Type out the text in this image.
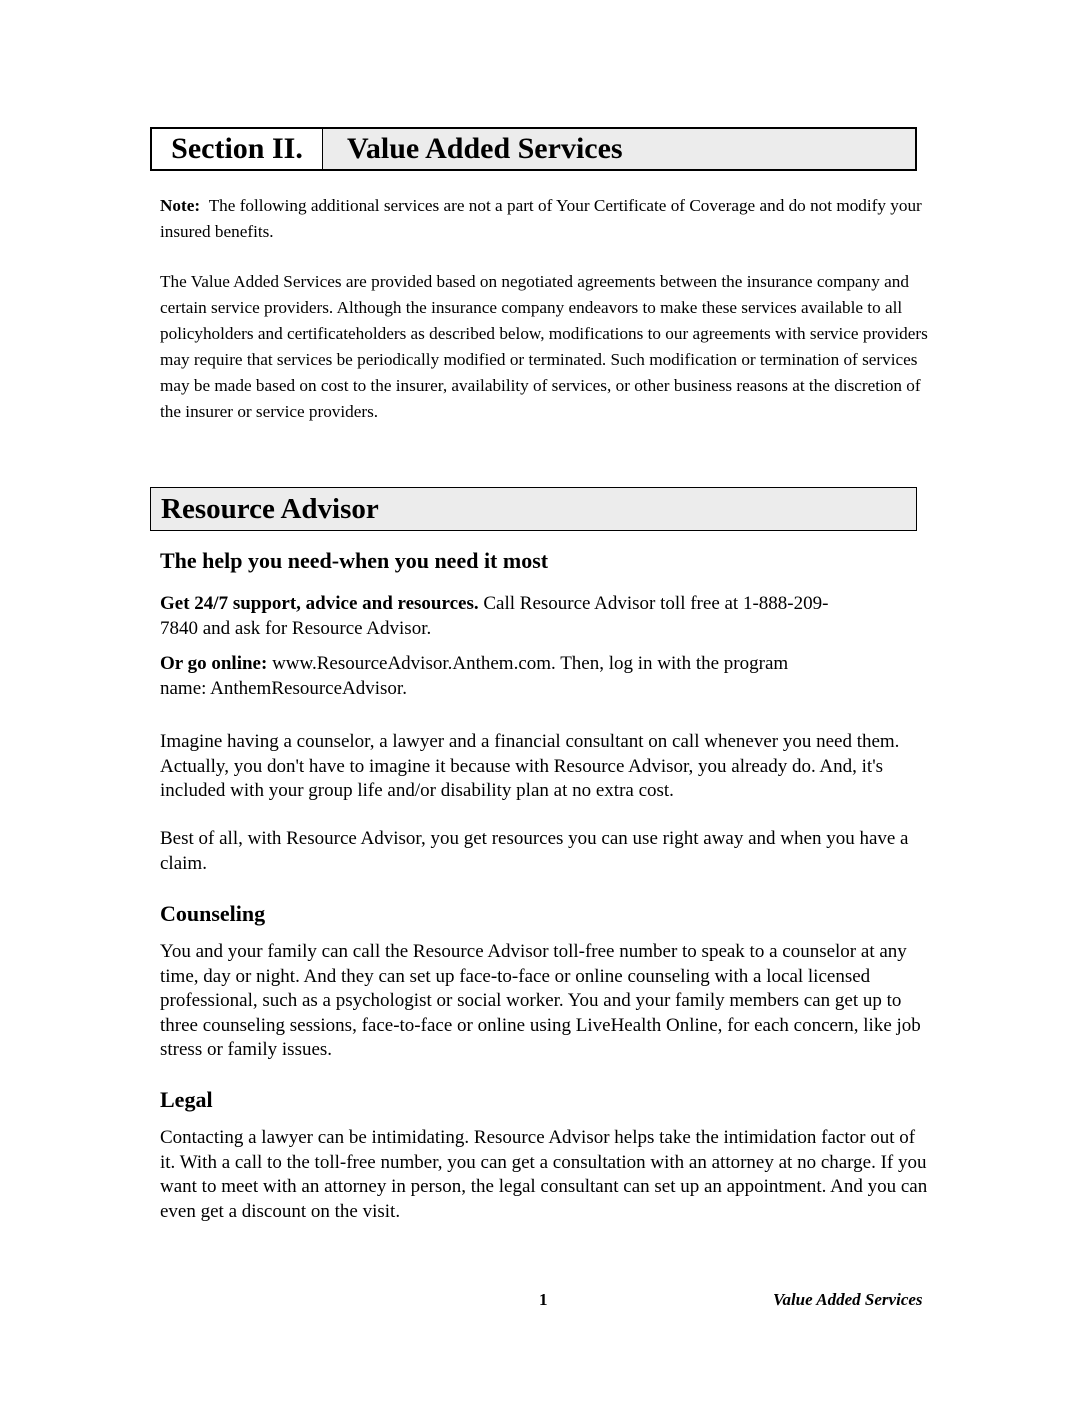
Section II.	Value Added Services
Note: The following additional services are not a part of Your Certificate of Coverage and do not modify your insured benefits.
The Value Added Services are provided based on negotiated agreements between the insurance company and certain service providers. Although the insurance company endeavors to make these services available to all policyholders and certificateholders as described below, modifications to our agreements with service providers may require that services be periodically modified or terminated. Such modification or termination of services may be made based on cost to the insurer, availability of services, or other business reasons at the discretion of the insurer or service providers.
Resource Advisor
The help you need-when you need it most
Get 24/7 support, advice and resources. Call Resource Advisor toll free at 1-888-209-7840 and ask for Resource Advisor.
Or go online: www.ResourceAdvisor.Anthem.com. Then, log in with the program name: AnthemResourceAdvisor.
Imagine having a counselor, a lawyer and a financial consultant on call whenever you need them. Actually, you don't have to imagine it because with Resource Advisor, you already do. And, it's included with your group life and/or disability plan at no extra cost.
Best of all, with Resource Advisor, you get resources you can use right away and when you have a claim.
Counseling
You and your family can call the Resource Advisor toll-free number to speak to a counselor at any time, day or night. And they can set up face-to-face or online counseling with a local licensed professional, such as a psychologist or social worker. You and your family members can get up to three counseling sessions, face-to-face or online using LiveHealth Online, for each concern, like job stress or family issues.
Legal
Contacting a lawyer can be intimidating. Resource Advisor helps take the intimidation factor out of it. With a call to the toll-free number, you can get a consultation with an attorney at no charge. If you want to meet with an attorney in person, the legal consultant can set up an appointment. And you can even get a discount on the visit.
1	Value Added Services
